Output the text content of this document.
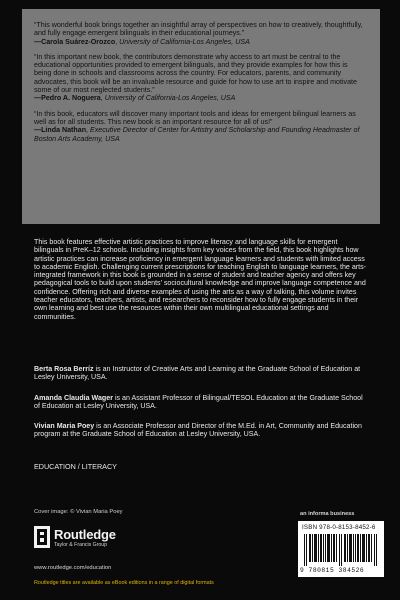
“This wonderful book brings together an insightful array of perspectives on how to creatively, thoughtfully, and fully engage emergent bilinguals in their educational journeys.”
—Carola Suárez-Orozco, University of California-Los Angeles, USA
“In this important new book, the contributors demonstrate why access to art must be central to the educational opportunities provided to emergent bilinguals, and they provide examples for how this is being done in schools and classrooms across the country. For educators, parents, and community advocates, this book will be an invaluable resource and guide for how to use art to inspire and motivate some of our most neglected students.”
—Pedro A. Noguera, University of California-Los Angeles, USA
“In this book, educators will discover many important tools and ideas for emergent bilingual learners as well as for all students. This new book is an important resource for all of us!”
—Linda Nathan, Executive Director of Center for Artistry and Scholarship and Founding Headmaster of Boston Arts Academy, USA
This book features effective artistic practices to improve literacy and language skills for emergent bilinguals in PreK–12 schools. Including insights from key voices from the field, this book highlights how artistic practices can increase proficiency in emergent language learners and students with limited access to academic English. Challenging current prescriptions for teaching English to language learners, the arts-integrated framework in this book is grounded in a sense of student and teacher agency and offers key pedagogical tools to build upon students’ sociocultural knowledge and improve language competence and confidence. Offering rich and diverse examples of using the arts as a way of talking, this volume invites teacher educators, teachers, artists, and researchers to reconsider how to fully engage students in their own learning and best use the resources within their own multilingual educational settings and communities.
Berta Rosa Berríz is an Instructor of Creative Arts and Learning at the Graduate School of Education at Lesley University, USA.
Amanda Claudia Wager is an Assistant Professor of Bilingual/TESOL Education at the Graduate School of Education at Lesley University, USA.
Vivian Maria Poey is an Associate Professor and Director of the M.Ed. in Art, Community and Education program at the Graduate School of Education at Lesley University, USA.
EDUCATION / LITERACY
Cover image: © Vivian Maria Poey
Routledge
Taylor & Francis Group
www.routledge.com/education
Routledge titles are available as eBook editions in a range of digital formats
an informa business
ISBN 978-0-8153-8452-6
9 780815 384526
